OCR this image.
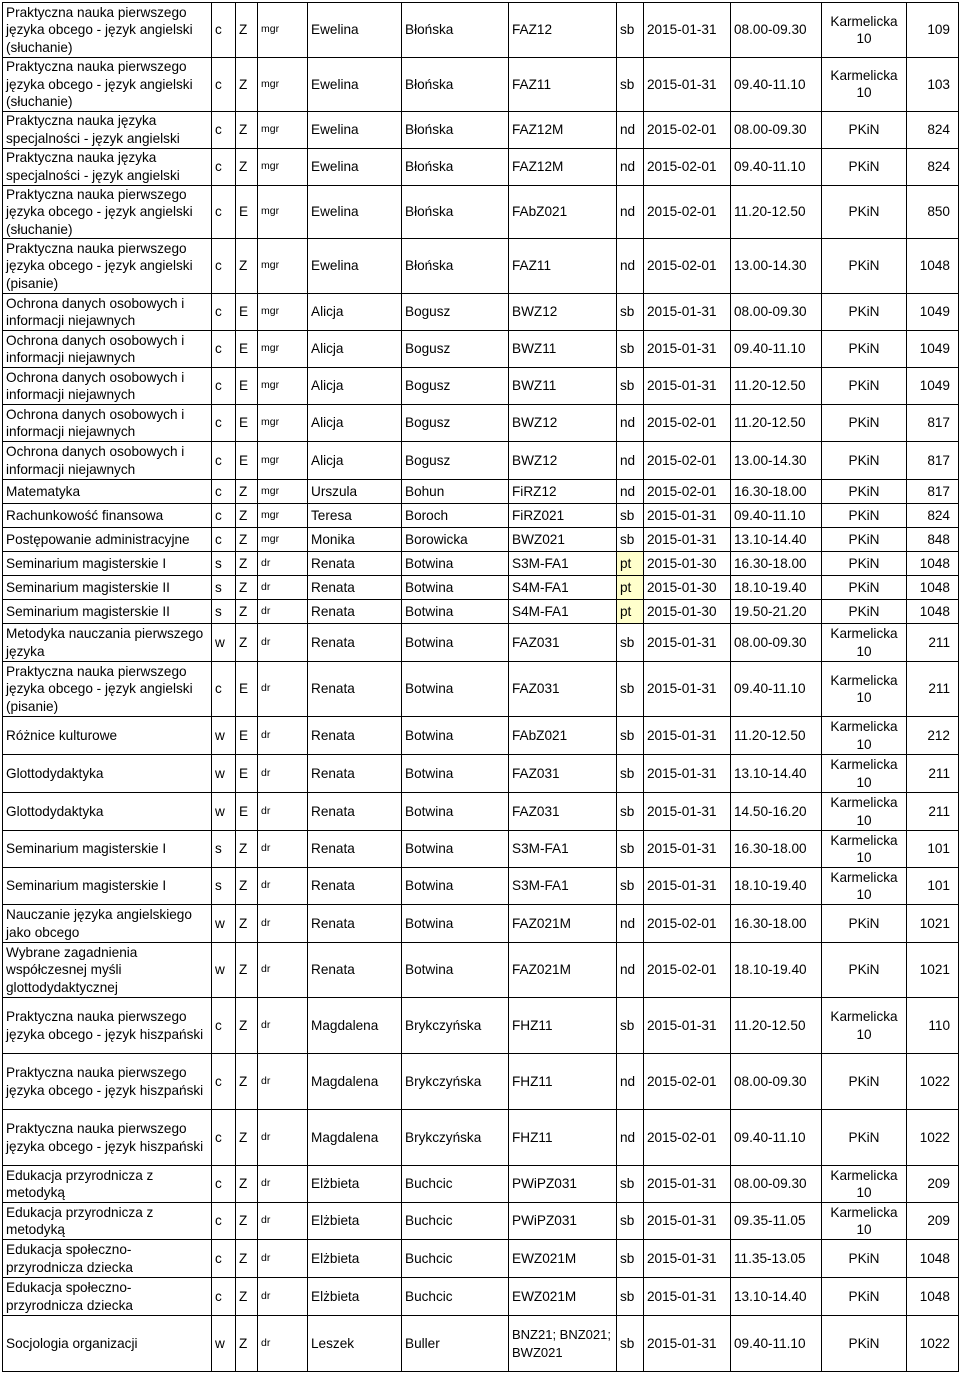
Praktyczna nauka pierwszego języka obcego - język angielski (słuchanie)	c	Z	mgr	Ewelina	Błońska	FAZ12	sb	2015-01-31	08.00-09.30	Karmelicka 10	109
Praktyczna nauka pierwszego języka obcego - język angielski (słuchanie)	c	Z	mgr	Ewelina	Błońska	FAZ11	sb	2015-01-31	09.40-11.10	Karmelicka 10	103
Praktyczna nauka języka specjalności - język angielski	c	Z	mgr	Ewelina	Błońska	FAZ12M	nd	2015-02-01	08.00-09.30	PKiN	824
Praktyczna nauka języka specjalności - język angielski	c	Z	mgr	Ewelina	Błońska	FAZ12M	nd	2015-02-01	09.40-11.10	PKiN	824
Praktyczna nauka pierwszego języka obcego - język angielski (słuchanie)	c	E	mgr	Ewelina	Błońska	FAbZ021	nd	2015-02-01	11.20-12.50	PKiN	850
Praktyczna nauka pierwszego języka obcego - język angielski (pisanie)	c	Z	mgr	Ewelina	Błońska	FAZ11	nd	2015-02-01	13.00-14.30	PKiN	1048
Ochrona danych osobowych i informacji niejawnych	c	E	mgr	Alicja	Bogusz	BWZ12	sb	2015-01-31	08.00-09.30	PKiN	1049
Ochrona danych osobowych i informacji niejawnych	c	E	mgr	Alicja	Bogusz	BWZ11	sb	2015-01-31	09.40-11.10	PKiN	1049
Ochrona danych osobowych i informacji niejawnych	c	E	mgr	Alicja	Bogusz	BWZ11	sb	2015-01-31	11.20-12.50	PKiN	1049
Ochrona danych osobowych i informacji niejawnych	c	E	mgr	Alicja	Bogusz	BWZ12	nd	2015-02-01	11.20-12.50	PKiN	817
Ochrona danych osobowych i informacji niejawnych	c	E	mgr	Alicja	Bogusz	BWZ12	nd	2015-02-01	13.00-14.30	PKiN	817
Matematyka	c	Z	mgr	Urszula	Bohun	FiRZ12	nd	2015-02-01	16.30-18.00	PKiN	817
Rachunkowość finansowa	c	Z	mgr	Teresa	Boroch	FiRZ021	sb	2015-01-31	09.40-11.10	PKiN	824
Postępowanie administracyjne	c	Z	mgr	Monika	Borowicka	BWZ021	sb	2015-01-31	13.10-14.40	PKiN	848
Seminarium magisterskie I	s	Z	dr	Renata	Botwina	S3M-FA1	pt	2015-01-30	16.30-18.00	PKiN	1048
Seminarium magisterskie II	s	Z	dr	Renata	Botwina	S4M-FA1	pt	2015-01-30	18.10-19.40	PKiN	1048
Seminarium magisterskie II	s	Z	dr	Renata	Botwina	S4M-FA1	pt	2015-01-30	19.50-21.20	PKiN	1048
Metodyka nauczania pierwszego języka	w	Z	dr	Renata	Botwina	FAZ031	sb	2015-01-31	08.00-09.30	Karmelicka 10	211
Praktyczna nauka pierwszego języka obcego - język angielski (pisanie)	c	E	dr	Renata	Botwina	FAZ031	sb	2015-01-31	09.40-11.10	Karmelicka 10	211
Różnice kulturowe	w	E	dr	Renata	Botwina	FAbZ021	sb	2015-01-31	11.20-12.50	Karmelicka 10	212
Glottodydaktyka	w	E	dr	Renata	Botwina	FAZ031	sb	2015-01-31	13.10-14.40	Karmelicka 10	211
Glottodydaktyka	w	E	dr	Renata	Botwina	FAZ031	sb	2015-01-31	14.50-16.20	Karmelicka 10	211
Seminarium magisterskie I	s	Z	dr	Renata	Botwina	S3M-FA1	sb	2015-01-31	16.30-18.00	Karmelicka 10	101
Seminarium magisterskie I	s	Z	dr	Renata	Botwina	S3M-FA1	sb	2015-01-31	18.10-19.40	Karmelicka 10	101
Nauczanie języka angielskiego jako obcego	w	Z	dr	Renata	Botwina	FAZ021M	nd	2015-02-01	16.30-18.00	PKiN	1021
Wybrane zagadnienia współczesnej myśli glottodydaktycznej	w	Z	dr	Renata	Botwina	FAZ021M	nd	2015-02-01	18.10-19.40	PKiN	1021
Praktyczna nauka pierwszego języka obcego - język hiszpański	c	Z	dr	Magdalena	Brykczyńska	FHZ11	sb	2015-01-31	11.20-12.50	Karmelicka 10	110
Praktyczna nauka pierwszego języka obcego - język hiszpański	c	Z	dr	Magdalena	Brykczyńska	FHZ11	nd	2015-02-01	08.00-09.30	PKiN	1022
Praktyczna nauka pierwszego języka obcego - język hiszpański	c	Z	dr	Magdalena	Brykczyńska	FHZ11	nd	2015-02-01	09.40-11.10	PKiN	1022
Edukacja przyrodnicza z metodyką	c	Z	dr	Elżbieta	Buchcic	PWiPZ031	sb	2015-01-31	08.00-09.30	Karmelicka 10	209
Edukacja przyrodnicza z metodyką	c	Z	dr	Elżbieta	Buchcic	PWiPZ031	sb	2015-01-31	09.35-11.05	Karmelicka 10	209
Edukacja społeczno-przyrodnicza dziecka	c	Z	dr	Elżbieta	Buchcic	EWZ021M	sb	2015-01-31	11.35-13.05	PKiN	1048
Edukacja społeczno-przyrodnicza dziecka	c	Z	dr	Elżbieta	Buchcic	EWZ021M	sb	2015-01-31	13.10-14.40	PKiN	1048
Socjologia organizacji	w	Z	dr	Leszek	Buller	BNZ21; BNZ021; BWZ021	sb	2015-01-31	09.40-11.10	PKiN	1022
